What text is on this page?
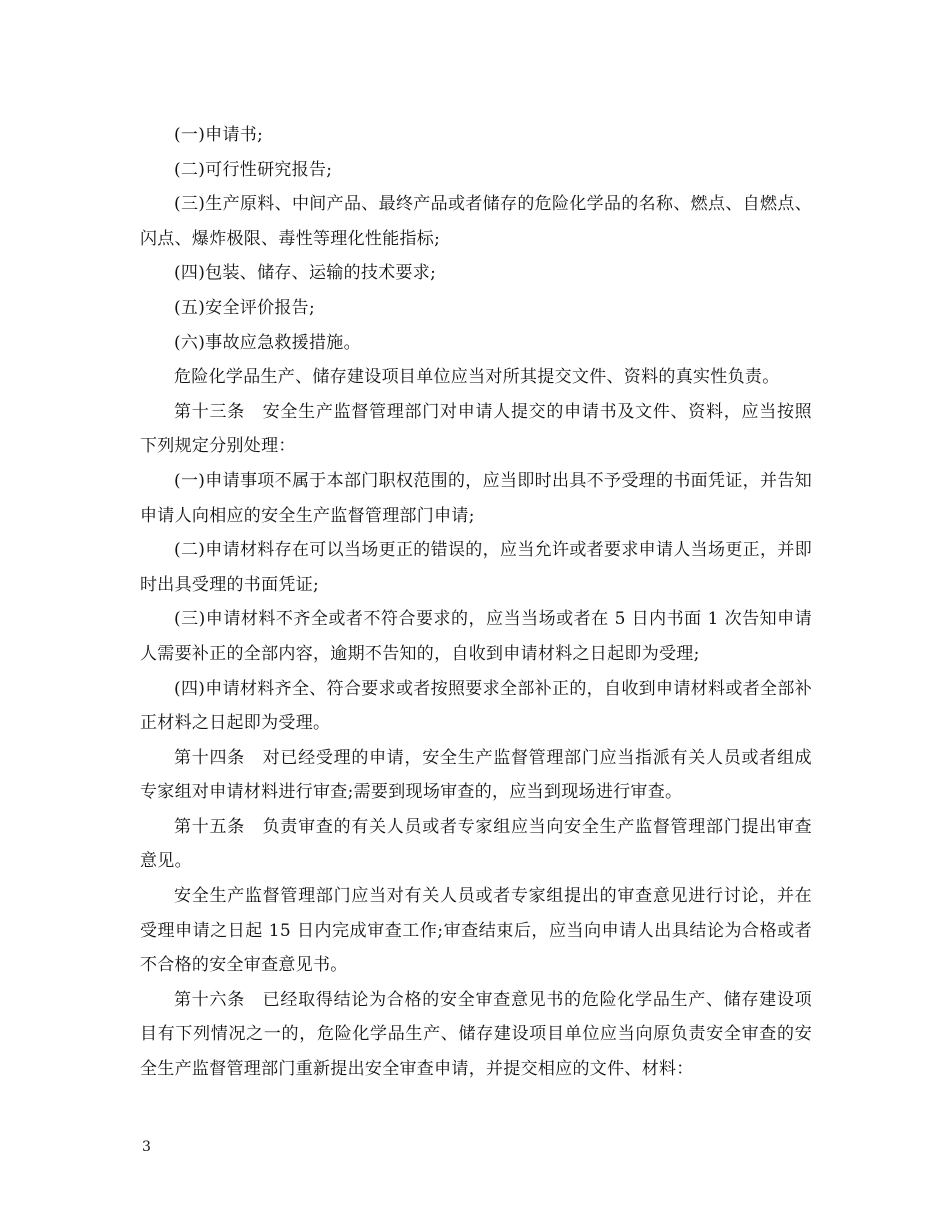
(一)申请书;

(二)可行性研究报告;

(三)生产原料、中间产品、最终产品或者储存的危险化学品的名称、燃点、自燃点、闪点、爆炸极限、毒性等理化性能指标;

(四)包装、储存、运输的技术要求;

(五)安全评价报告;

(六)事故应急救援措施。

危险化学品生产、储存建设项目单位应当对所其提交文件、资料的真实性负责。

第十三条　安全生产监督管理部门对申请人提交的申请书及文件、资料，应当按照下列规定分别处理：

(一)申请事项不属于本部门职权范围的，应当即时出具不予受理的书面凭证，并告知申请人向相应的安全生产监督管理部门申请;

(二)申请材料存在可以当场更正的错误的，应当允许或者要求申请人当场更正，并即时出具受理的书面凭证;

(三)申请材料不齐全或者不符合要求的，应当当场或者在 5 日内书面 1 次告知申请人需要补正的全部内容，逾期不告知的，自收到申请材料之日起即为受理;

(四)申请材料齐全、符合要求或者按照要求全部补正的，自收到申请材料或者全部补正材料之日起即为受理。

第十四条　对已经受理的申请，安全生产监督管理部门应当指派有关人员或者组成专家组对申请材料进行审查;需要到现场审查的，应当到现场进行审查。

第十五条　负责审查的有关人员或者专家组应当向安全生产监督管理部门提出审查意见。

安全生产监督管理部门应当对有关人员或者专家组提出的审查意见进行讨论，并在受理申请之日起 15 日内完成审查工作;审查结束后，应当向申请人出具结论为合格或者不合格的安全审查意见书。

第十六条　已经取得结论为合格的安全审查意见书的危险化学品生产、储存建设项目有下列情况之一的，危险化学品生产、储存建设项目单位应当向原负责安全审查的安全生产监督管理部门重新提出安全审查申请，并提交相应的文件、材料：

3
